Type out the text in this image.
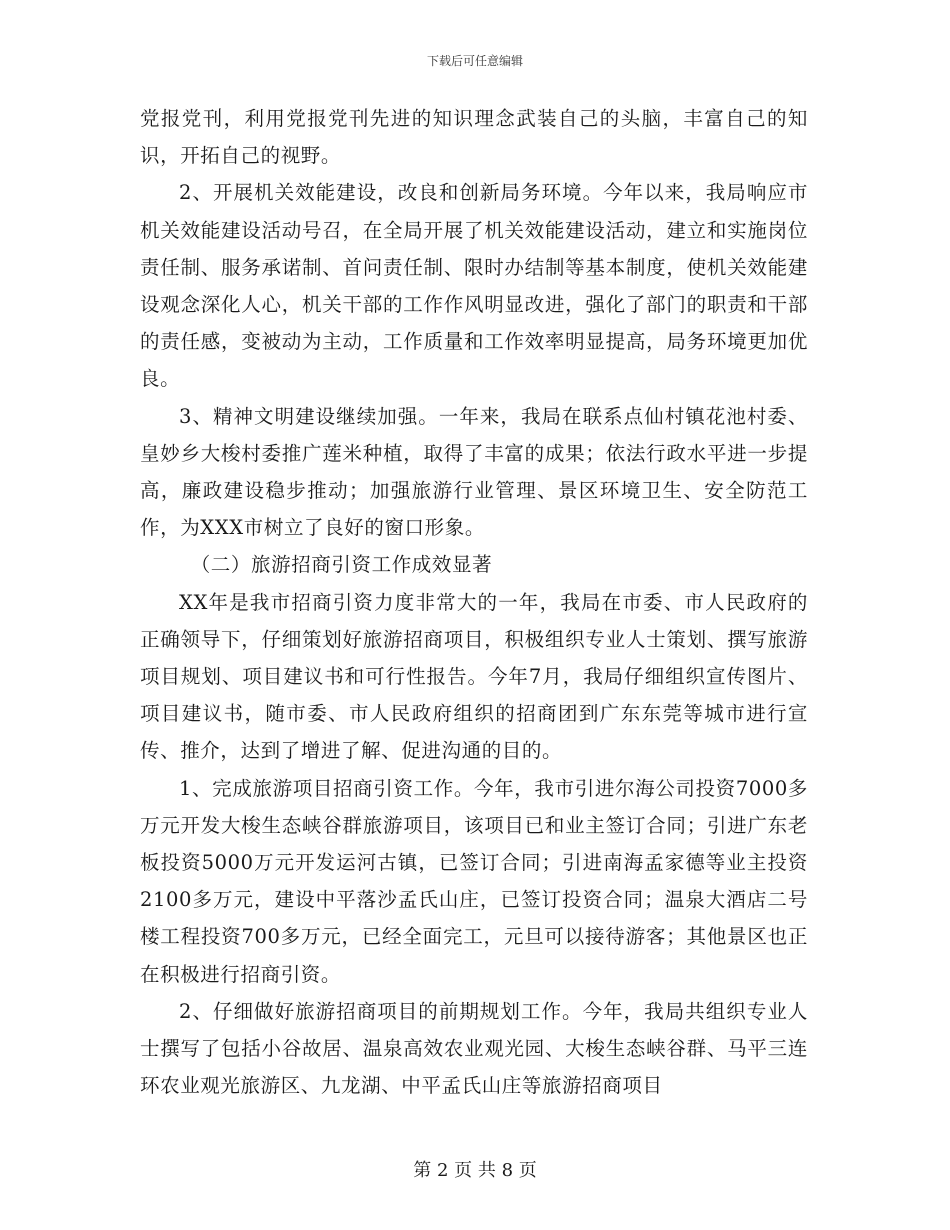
下载后可任意编辑

党报党刊，利用党报党刊先进的知识理念武装自己的头脑，丰富自己的知识，开拓自己的视野。

2、开展机关效能建设，改良和创新局务环境。今年以来，我局响应市机关效能建设活动号召，在全局开展了机关效能建设活动，建立和实施岗位责任制、服务承诺制、首问责任制、限时办结制等基本制度，使机关效能建设观念深化人心，机关干部的工作作风明显改进，强化了部门的职责和干部的责任感，变被动为主动，工作质量和工作效率明显提高，局务环境更加优良。

3、精神文明建设继续加强。一年来，我局在联系点仙村镇花池村委、皇妙乡大梭村委推广莲米种植，取得了丰富的成果；依法行政水平进一步提高，廉政建设稳步推动；加强旅游行业管理、景区环境卫生、安全防范工作，为XXX市树立了良好的窗口形象。

（二）旅游招商引资工作成效显著

XX年是我市招商引资力度非常大的一年，我局在市委、市人民政府的正确领导下，仔细策划好旅游招商项目，积极组织专业人士策划、撰写旅游项目规划、项目建议书和可行性报告。今年7月，我局仔细组织宣传图片、项目建议书，随市委、市人民政府组织的招商团到广东东莞等城市进行宣传、推介，达到了增进了解、促进沟通的目的。

1、完成旅游项目招商引资工作。今年，我市引进尔海公司投资7000多万元开发大梭生态峡谷群旅游项目，该项目已和业主签订合同；引进广东老板投资5000万元开发运河古镇，已签订合同；引进南海孟家德等业主投资2100多万元，建设中平落沙孟氏山庄，已签订投资合同；温泉大酒店二号楼工程投资700多万元，已经全面完工，元旦可以接待游客；其他景区也正在积极进行招商引资。

2、仔细做好旅游招商项目的前期规划工作。今年，我局共组织专业人士撰写了包括小谷故居、温泉高效农业观光园、大梭生态峡谷群、马平三连环农业观光旅游区、九龙湖、中平孟氏山庄等旅游招商项目

第 2 页 共 8 页
